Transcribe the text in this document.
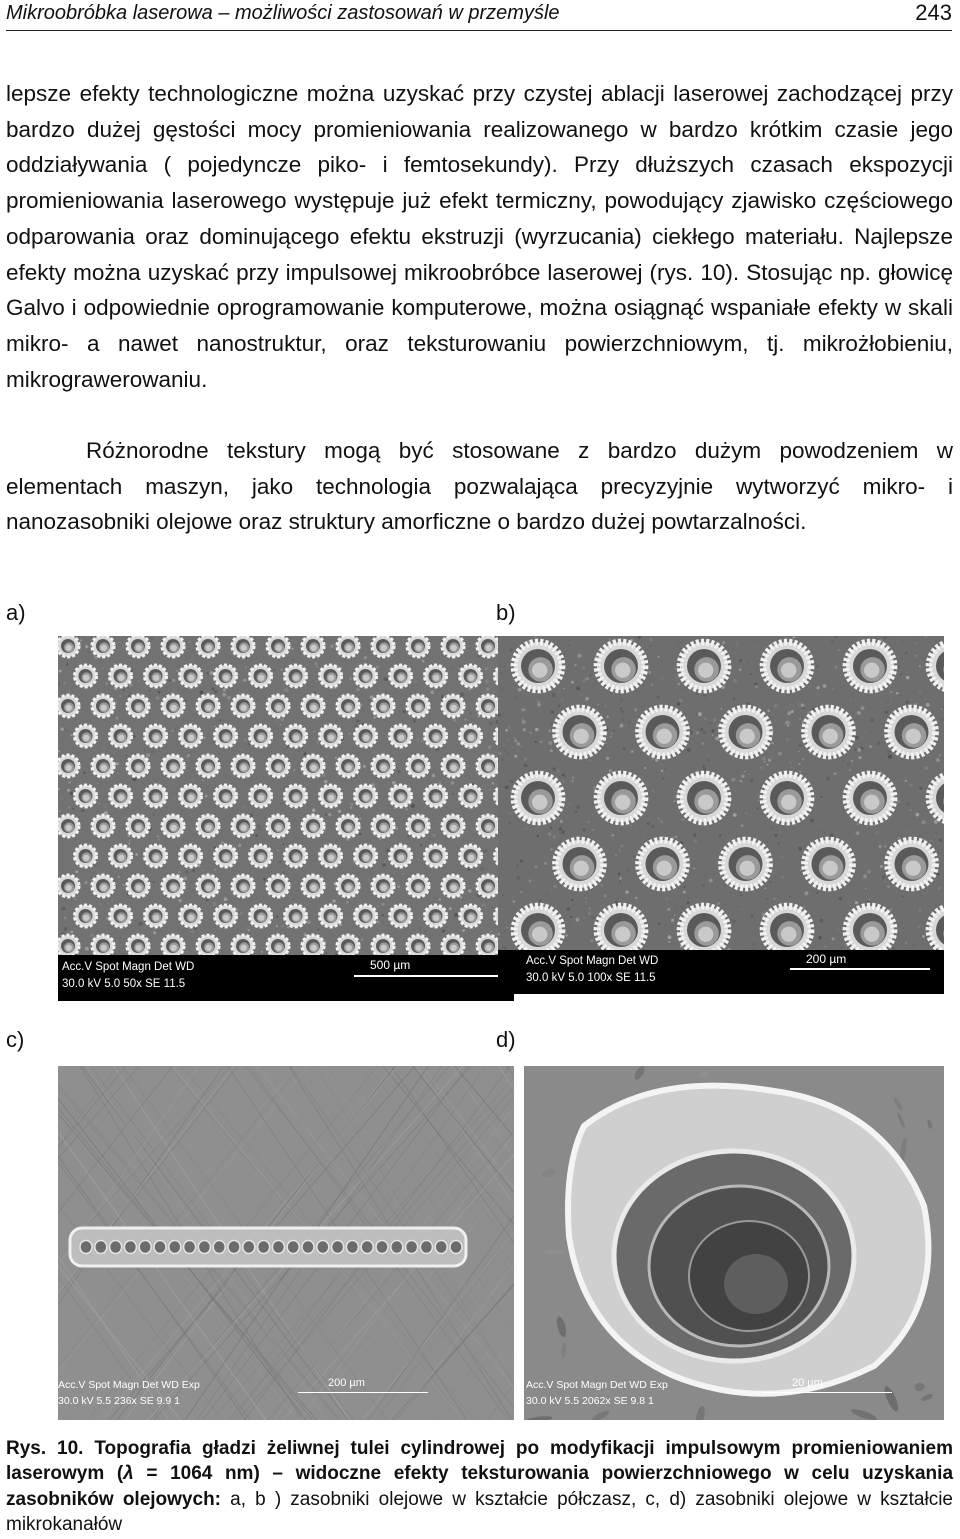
Mikroobróbka laserowa – możliwości zastosowań w przemyśle	243
lepsze efekty technologiczne można uzyskać przy czystej ablacji laserowej zachodzącej przy bardzo dużej gęstości mocy promieniowania realizowanego w bardzo krótkim czasie jego oddziaływania ( pojedyncze piko- i femtosekundy). Przy dłuższych czasach ekspozycji promieniowania laserowego występuje już efekt termiczny, powodujący zjawisko częściowego odparowania oraz dominującego efektu ekstruzji (wyrzucania) ciekłego materiału. Najlepsze efekty można uzyskać przy impulsowej mikroobróbce laserowej (rys. 10). Stosując np. głowicę Galvo i odpowiednie oprogramowanie komputerowe, można osiągnąć wspaniałe efekty w skali mikro- a nawet nanostruktur, oraz teksturowaniu powierzchniowym, tj. mikrożłobieniu, mikrograwerowaniu.
Różnorodne tekstury mogą być stosowane z bardzo dużym powodzeniem w elementach maszyn, jako technologia pozwalająca precyzyjnie wytworzyć mikro- i nanozasobniki olejowe oraz struktury amorficzne o bardzo dużej powtarzalności.
a)	b)
c)	d)
Acc.V Spot Magn Det WD
30.0 kV 5.0 50x SE 11.5
500 µm	Acc.V Spot Magn Det WD
30.0 kV 5.0 100x SE 11.5
200 µm
Acc.V Spot Magn Det WD Exp
30.0 kV 5.5 236x SE 9.9 1
200 µm	Acc.V Spot Magn Det WD Exp
30.0 kV 5.5 2062x SE 9.8 1
20 µm
Rys. 10. Topografia gładzi żeliwnej tulei cylindrowej po modyfikacji impulsowym promieniowaniem laserowym (λ = 1064 nm) – widoczne efekty teksturowania powierzchniowego w celu uzyskania zasobników olejowych: a, b ) zasobniki olejowe w kształcie półczasz, c, d) zasobniki olejowe w kształcie mikrokanałów
